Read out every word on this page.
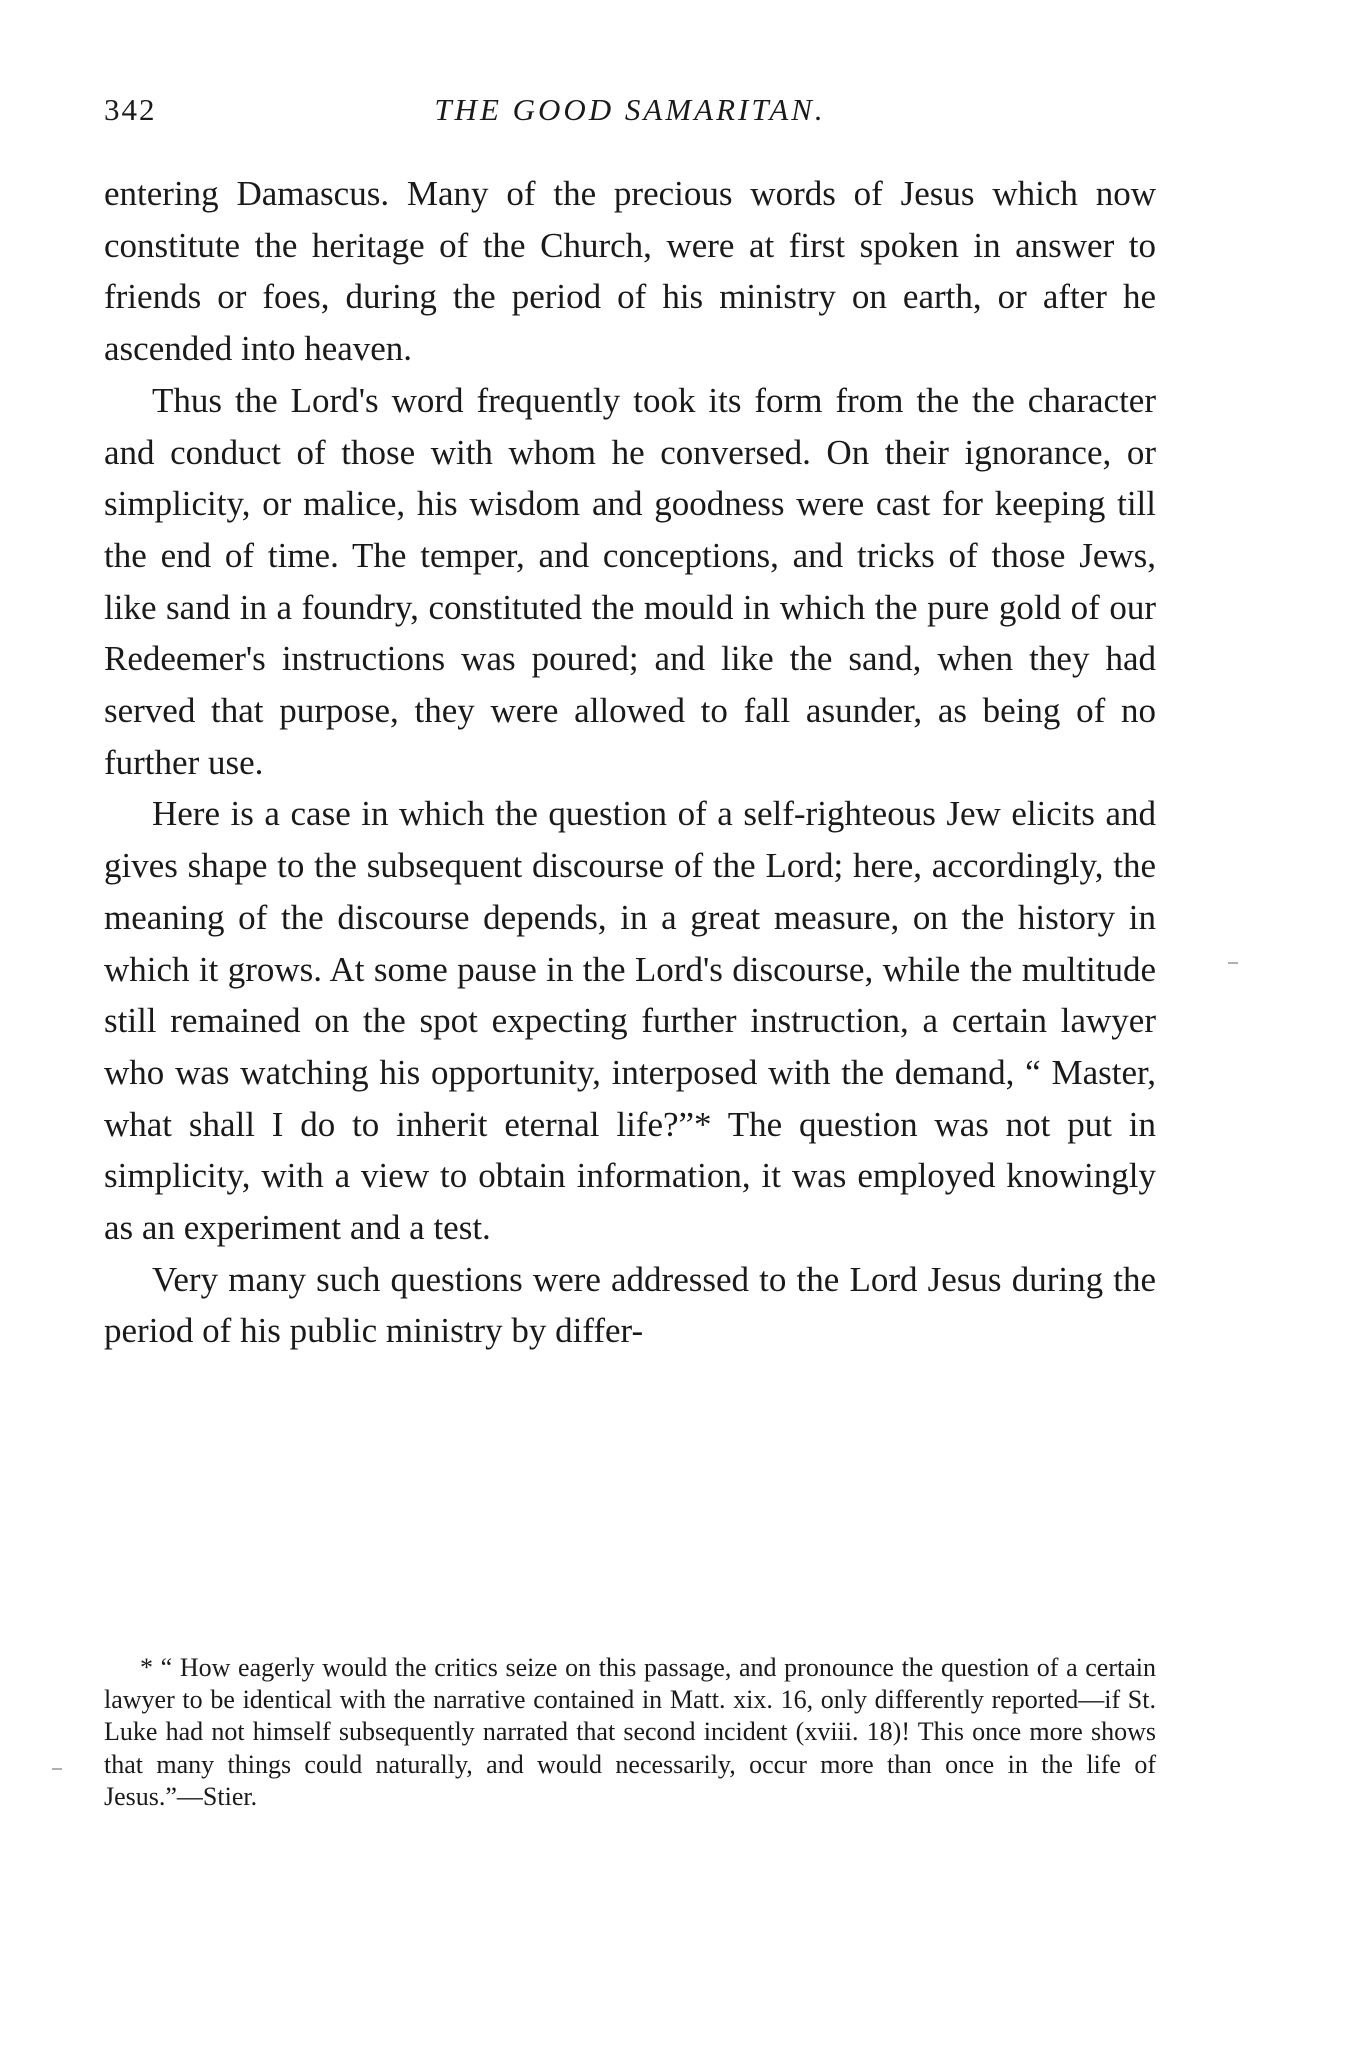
342	THE GOOD SAMARITAN.

entering Damascus. Many of the precious words of Jesus which now constitute the heritage of the Church, were at first spoken in answer to friends or foes, during the period of his ministry on earth, or after he ascended into heaven.

Thus the Lord's word frequently took its form from the the character and conduct of those with whom he conversed. On their ignorance, or simplicity, or malice, his wisdom and goodness were cast for keeping till the end of time. The temper, and conceptions, and tricks of those Jews, like sand in a foundry, constituted the mould in which the pure gold of our Redeemer's instructions was poured; and like the sand, when they had served that purpose, they were allowed to fall asunder, as being of no further use.

Here is a case in which the question of a self-righteous Jew elicits and gives shape to the subsequent discourse of the Lord; here, accordingly, the meaning of the discourse depends, in a great measure, on the history in which it grows. At some pause in the Lord's discourse, while the multitude still remained on the spot expecting further instruction, a certain lawyer who was watching his opportunity, interposed with the demand, “ Master, what shall I do to inherit eternal life?”* The question was not put in simplicity, with a view to obtain information, it was employed knowingly as an experiment and a test.

Very many such questions were addressed to the Lord Jesus during the period of his public ministry by differ-

* “ How eagerly would the critics seize on this passage, and pronounce the question of a certain lawyer to be identical with the narrative contained in Matt. xix. 16, only differently reported—if St. Luke had not himself subsequently narrated that second incident (xviii. 18)! This once more shows that many things could naturally, and would necessarily, occur more than once in the life of Jesus.”—Stier.
